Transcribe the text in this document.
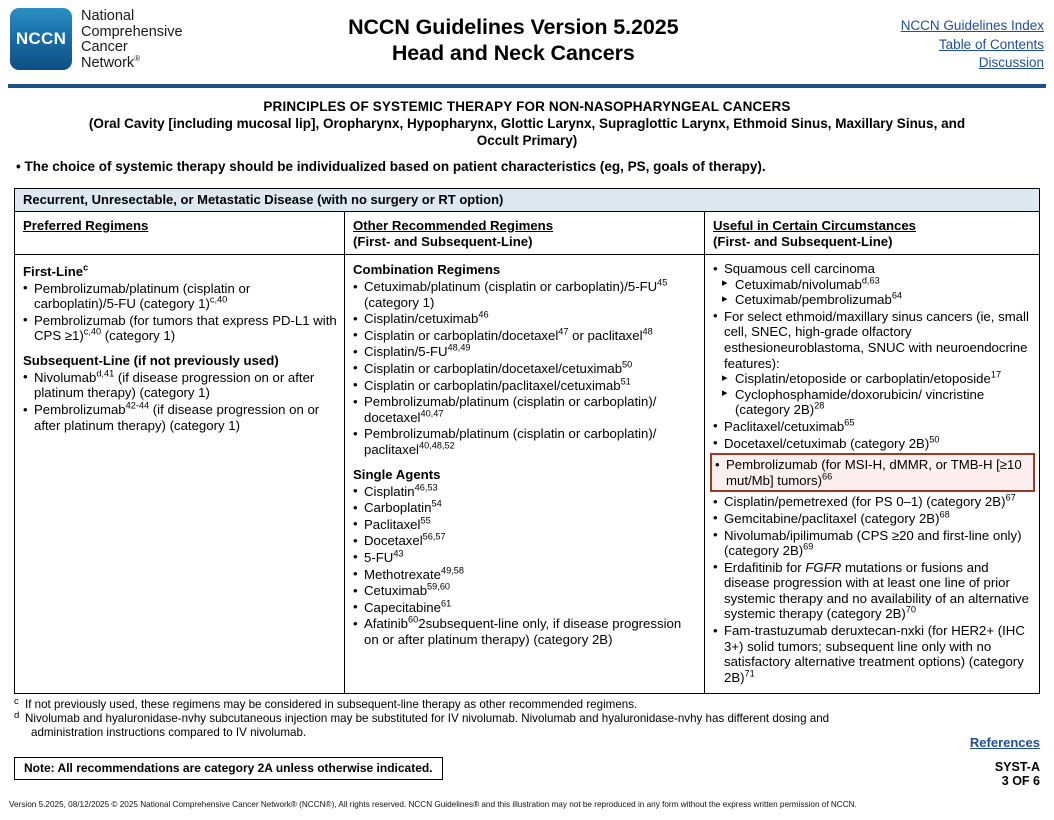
NCCN
National
Comprehensive
Cancer
Network®
NCCN Guidelines Version 5.2025
Head and Neck Cancers
NCCN Guidelines Index
Table of Contents
Discussion
PRINCIPLES OF SYSTEMIC THERAPY FOR NON-NASOPHARYNGEAL CANCERS
(Oral Cavity [including mucosal lip], Oropharynx, Hypopharynx, Glottic Larynx, Supraglottic Larynx, Ethmoid Sinus, Maxillary Sinus, and
Occult Primary)
• The choice of systemic therapy should be individualized based on patient characteristics (eg, PS, goals of therapy).
Recurrent, Unresectable, or Metastatic Disease (with no surgery or RT option)
Preferred Regimens
First-Line$^c$
• Pembrolizumab/platinum (cisplatin or carboplatin)/5-FU (category 1)$^{c,40}$
• Pembrolizumab (for tumors that express PD-L1 with CPS ≥1)$^{c,40}$ (category 1)
Subsequent-Line (if not previously used)
• Nivolumab$^{d,41}$ (if disease progression on or after platinum therapy) (category 1)
• Pembrolizumab$^{42-44}$ (if disease progression on or after platinum therapy) (category 1)
Other Recommended Regimens
(First- and Subsequent-Line)
Combination Regimens
• Cetuximab/platinum (cisplatin or carboplatin)/5-FU$^{45}$ (category 1)
• Cisplatin/cetuximab$^{46}$
• Cisplatin or carboplatin/docetaxel$^{47}$ or paclitaxel$^{48}$
• Cisplatin/5-FU$^{48,49}$
• Cisplatin or carboplatin/docetaxel/cetuximab$^{50}$
• Cisplatin or carboplatin/paclitaxel/cetuximab$^{51}$
• Pembrolizumab/platinum (cisplatin or carboplatin)/ docetaxel$^{40,47}$
• Pembrolizumab/platinum (cisplatin or carboplatin)/ paclitaxel$^{40,48,52}$
Single Agents
• Cisplatin$^{46,53}$
• Carboplatin$^{54}$
• Paclitaxel$^{55}$
• Docetaxel$^{56,57}$
• 5-FU$^{43}$
• Methotrexate$^{49,58}$
• Cetuximab$^{59,60}$
• Capecitabine$^{61}$
• Afatinib$^{60}$2subsequent-line only, if disease progression on or after platinum therapy) (category 2B)
Useful in Certain Circumstances
(First- and Subsequent-Line)
• Squamous cell carcinoma
▸ Cetuximab/nivolumab$^{d,63}$
▸ Cetuximab/pembrolizumab$^{64}$
• For select ethmoid/maxillary sinus cancers (ie, small cell, SNEC, high-grade olfactory esthesioneuroblastoma, SNUC with neuroendocrine features):
▸ Cisplatin/etoposide or carboplatin/etoposide$^{17}$
▸ Cyclophosphamide/doxorubicin/ vincristine (category 2B)$^{28}$
• Paclitaxel/cetuximab$^{65}$
• Docetaxel/cetuximab (category 2B)$^{50}$
• Pembrolizumab (for MSI-H, dMMR, or TMB-H [≥10 mut/Mb] tumors)$^{66}$
• Cisplatin/pemetrexed (for PS 0–1) (category 2B)$^{67}$
• Gemcitabine/paclitaxel (category 2B)$^{68}$
• Nivolumab/ipilimumab (CPS ≥20 and first-line only) (category 2B)$^{69}$
• Erdafitinib for FGFR mutations or fusions and disease progression with at least one line of prior systemic therapy and no availability of an alternative systemic therapy (category 2B)$^{70}$
• Fam-trastuzumab deruxtecan-nxki (for HER2+ (IHC 3+) solid tumors; subsequent line only with no satisfactory alternative treatment options) (category 2B)$^{71}$
c If not previously used, these regimens may be considered in subsequent-line therapy as other recommended regimens.
d Nivolumab and hyaluronidase-nvhy subcutaneous injection may be substituted for IV nivolumab. Nivolumab and hyaluronidase-nvhy has different dosing and
administration instructions compared to IV nivolumab.
References
Note: All recommendations are category 2A unless otherwise indicated.	SYST-A
3 OF 6
Version 5.2025, 08/12/2025 © 2025 National Comprehensive Cancer Network® (NCCN®), All rights reserved. NCCN Guidelines® and this illustration may not be reproduced in any form without the express written permission of NCCN.
